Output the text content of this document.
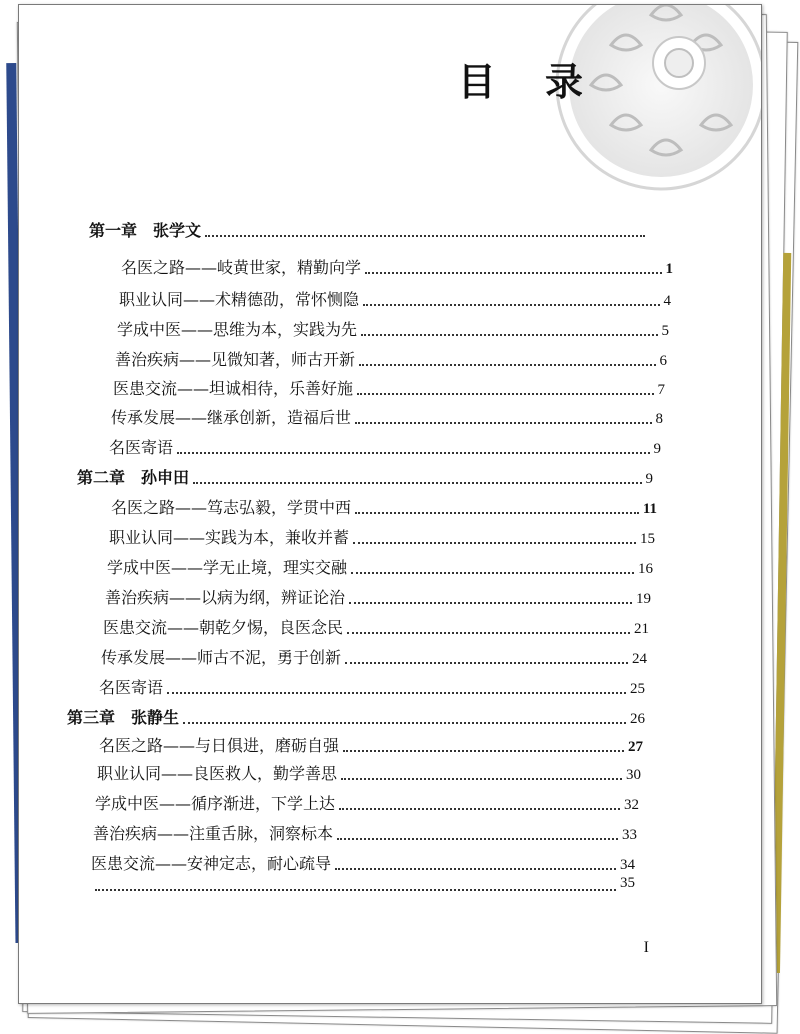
目 录
第一章 张学文
名医之路——岐黄世家，精勤向学	1
职业认同——术精德劭，常怀恻隐	4
学成中医——思维为本，实践为先	5
善治疾病——见微知著，师古开新	6
医患交流——坦诚相待，乐善好施	7
传承发展——继承创新，造福后世	8
名医寄语	9
第二章 孙申田	9
名医之路——笃志弘毅，学贯中西	11
职业认同——实践为本，兼收并蓄	15
学成中医——学无止境，理实交融	16
善治疾病——以病为纲，辨证论治	19
医患交流——朝乾夕惕，良医念民	21
传承发展——师古不泥，勇于创新	24
名医寄语	25
第三章 张静生	26
名医之路——与日俱进，磨砺自强	27
职业认同——良医救人，勤学善思	30
学成中医——循序渐进，下学上达	32
善治疾病——注重舌脉，洞察标本	33
医患交流——安神定志，耐心疏导	34
35
I
